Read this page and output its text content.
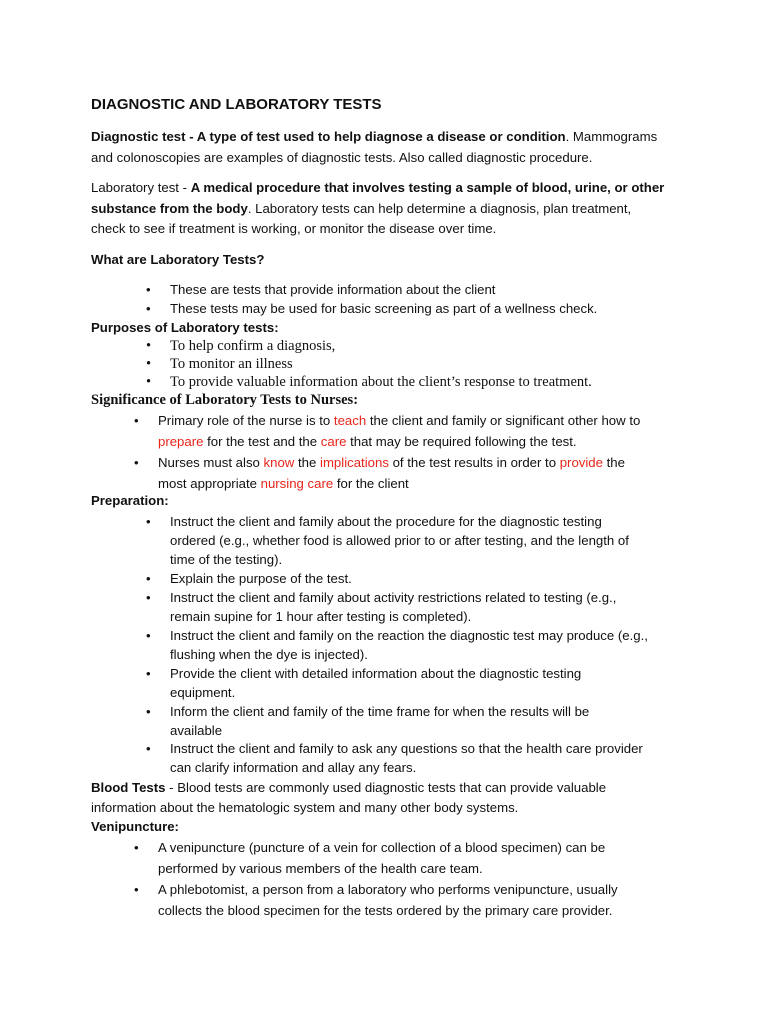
DIAGNOSTIC AND LABORATORY TESTS

Diagnostic test - A type of test used to help diagnose a disease or condition. Mammograms
and colonoscopies are examples of diagnostic tests. Also called diagnostic procedure.
Laboratory test - A medical procedure that involves testing a sample of blood, urine, or other
substance from the body. Laboratory tests can help determine a diagnosis, plan treatment,
check to see if treatment is working, or monitor the disease over time.

What are Laboratory Tests?

• These are tests that provide information about the client
• These tests may be used for basic screening as part of a wellness check.

Purposes of Laboratory tests:

• To help confirm a diagnosis,
• To monitor an illness
• To provide valuable information about the client’s response to treatment.

Significance of Laboratory Tests to Nurses:

• Primary role of the nurse is to teach the client and family or significant other how to
prepare for the test and the care that may be required following the test.
• Nurses must also know the implications of the test results in order to provide the
most appropriate nursing care for the client

Preparation:

• Instruct the client and family about the procedure for the diagnostic testing
ordered (e.g., whether food is allowed prior to or after testing, and the length of
time of the testing).
• Explain the purpose of the test.
• Instruct the client and family about activity restrictions related to testing (e.g.,
remain supine for 1 hour after testing is completed).
• Instruct the client and family on the reaction the diagnostic test may produce (e.g.,
flushing when the dye is injected).
• Provide the client with detailed information about the diagnostic testing
equipment.
• Inform the client and family of the time frame for when the results will be
available
• Instruct the client and family to ask any questions so that the health care provider
can clarify information and allay any fears.
Blood Tests - Blood tests are commonly used diagnostic tests that can provide valuable
information about the hematologic system and many other body systems.

Venipuncture:

• A venipuncture (puncture of a vein for collection of a blood specimen) can be
performed by various members of the health care team.
• A phlebotomist, a person from a laboratory who performs venipuncture, usually
collects the blood specimen for the tests ordered by the primary care provider.
